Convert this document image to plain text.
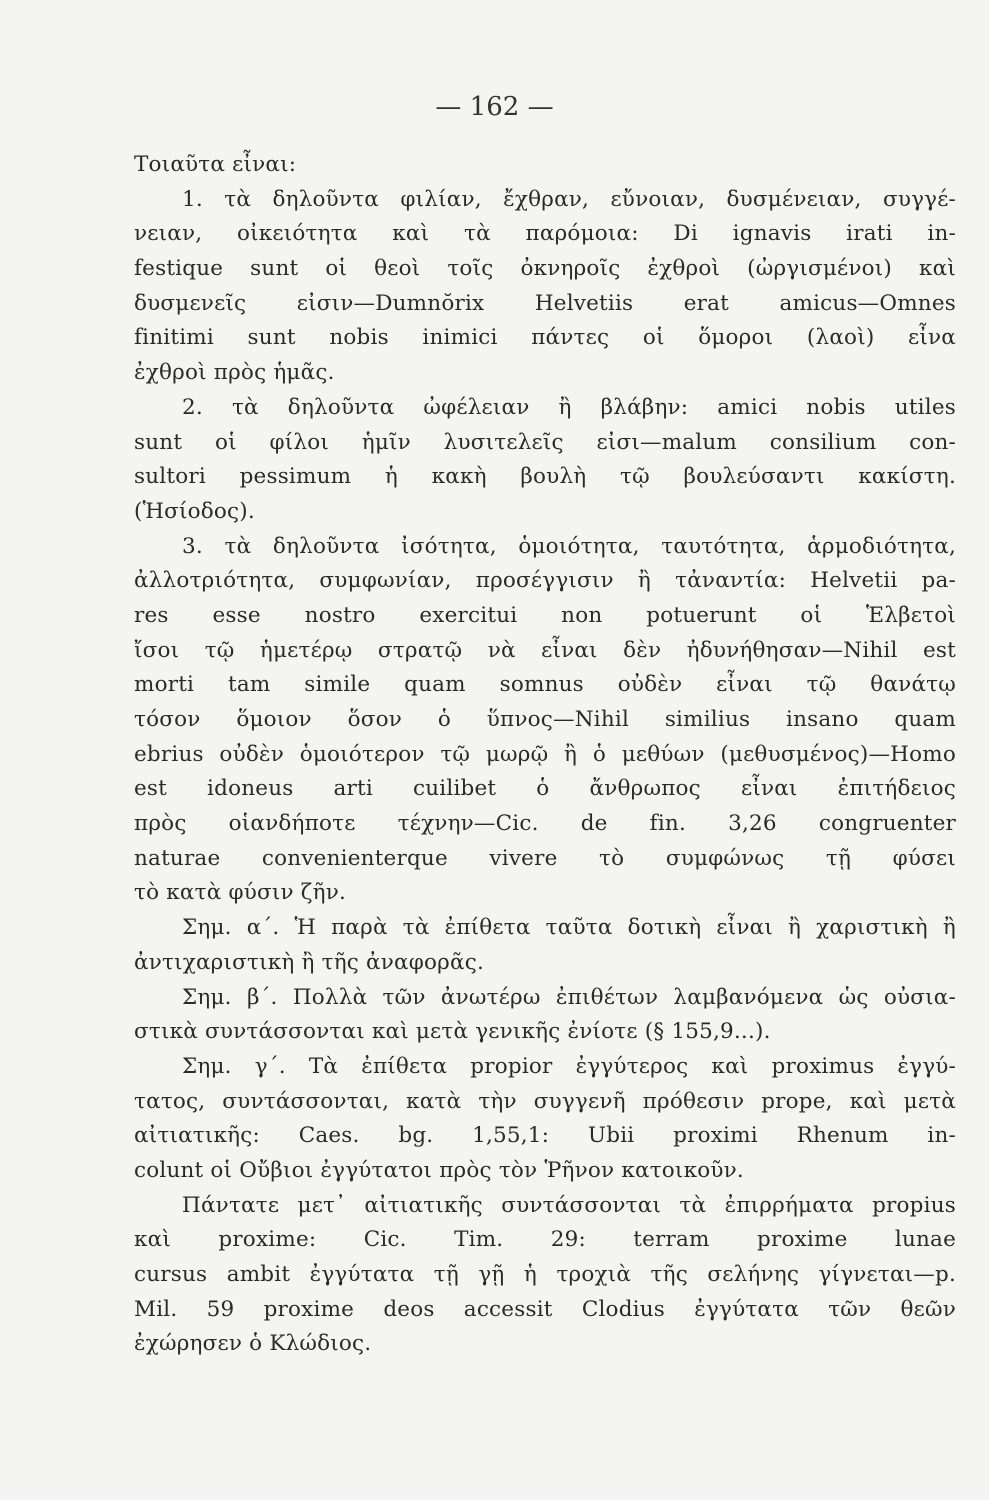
— 162 —
Τοιαῦτα εἶναι:
1. τὰ δηλοῦντα φιλίαν, ἔχθραν, εὔνοιαν, δυσμένειαν, συγγέ-
νειαν, οἰκειότητα καὶ τὰ παρόμοια: Di ignavis irati in-
festique sunt οἱ θεοὶ τοῖς ὀκνηροῖς ἐχθροὶ (ὠργισμένοι) καὶ
δυσμενεῖς εἰσιν—Dumnŏrix Helvetiis erat amicus—Omnes
finitimi sunt nobis inimici πάντες οἱ ὅμοροι (λαοὶ) εἶνα
ἐχθροὶ πρὸς ἡμᾶς.
2. τὰ δηλοῦντα ὠφέλειαν ἢ βλάβην: amici nobis utiles
sunt οἱ φίλοι ἡμῖν λυσιτελεῖς εἰσι—malum consilium con-
sultori pessimum ἡ κακὴ βουλὴ τῷ βουλεύσαντι κακίστη.
(Ἡσίοδος).
3. τὰ δηλοῦντα ἰσότητα, ὁμοιότητα, ταυτότητα, ἁρμοδιότητα,
ἀλλοτριότητα, συμφωνίαν, προσέγγισιν ἢ τἀναντία: Helvetii pa-
res esse nostro exercitui non potuerunt οἱ Ἑλβετοὶ
ἴσοι τῷ ἡμετέρῳ στρατῷ νὰ εἶναι δὲν ἠδυνήθησαν—Nihil est
morti tam simile quam somnus οὐδὲν εἶναι τῷ θανάτῳ
τόσον ὅμοιον ὅσον ὁ ὕπνος—Nihil similius insano quam
ebrius οὐδὲν ὁμοιότερον τῷ μωρῷ ἢ ὁ μεθύων (μεθυσμένος)—Homo
est idoneus arti cuilibet ὁ ἄνθρωπος εἶναι ἐπιτήδειος
πρὸς οἱανδήποτε τέχνην—Cic. de fin. 3,26 congruenter
naturae convenienterque vivere τὸ συμφώνως τῇ φύσει
τὸ κατὰ φύσιν ζῆν.
Σημ. α΄. Ἡ παρὰ τὰ ἐπίθετα ταῦτα δοτικὴ εἶναι ἢ χαριστικὴ ἢ
ἀντιχαριστικὴ ἢ τῆς ἀναφορᾶς.
Σημ. β΄. Πολλὰ τῶν ἀνωτέρω ἐπιθέτων λαμβανόμενα ὡς οὐσια-
στικὰ συντάσσονται καὶ μετὰ γενικῆς ἐνίοτε (§ 155,9...).
Σημ. γ΄. Τὰ ἐπίθετα propior ἐγγύτερος καὶ proximus ἐγγύ-
τατος, συντάσσονται, κατὰ τὴν συγγενῆ πρόθεσιν prope, καὶ μετὰ
αἰτιατικῆς: Caes. bg. 1,55,1: Ubii proximi Rhenum in-
colunt οἱ Οὔβιοι ἐγγύτατοι πρὸς τὸν Ῥῆνον κατοικοῦν.
Πάντατε μετ᾽ αἰτιατικῆς συντάσσονται τὰ ἐπιρρήματα propius
καὶ proxime: Cic. Tim. 29: terram proxime lunae
cursus ambit ἐγγύτατα τῇ γῇ ἡ τροχιὰ τῆς σελήνης γίγνεται—p.
Mil. 59 proxime deos accessit Clodius ἐγγύτατα τῶν θεῶν
ἐχώρησεν ὁ Κλώδιος.
